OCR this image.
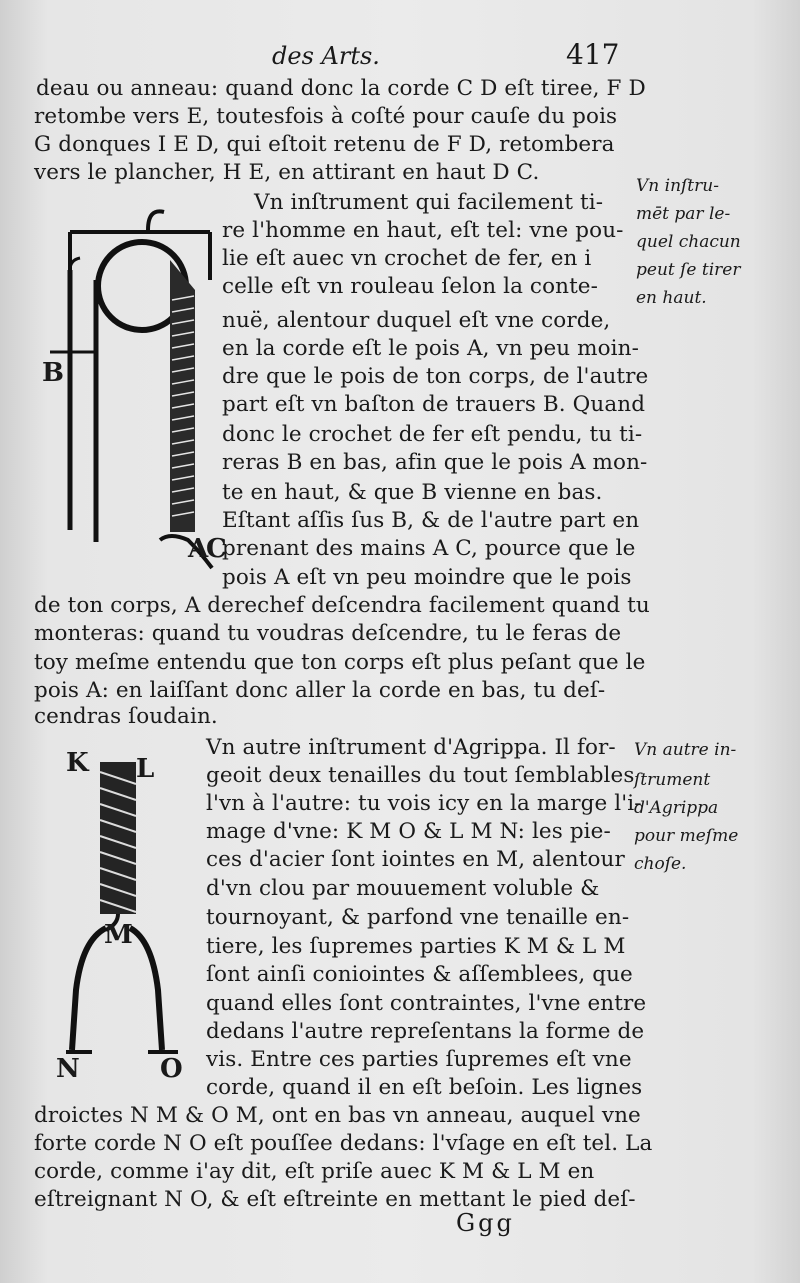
des Arts.	417
deau ou anneau: quand donc la corde C D eſt tiree, F D
retombe vers E, toutesfois à coſté pour cauſe du pois
G donques I E D, qui eſtoit retenu de F D, retombera
vers le plancher, H E, en attirant en haut D C.
Vn inſtrument qui facilement ti-
re l'homme en haut, eſt tel: vne pou-
lie eſt auec vn crochet de fer, en i
celle eſt vn rouleau ſelon la conte-
nuë, alentour duquel eſt vne corde,
en la corde eſt le pois A, vn peu moin-
dre que le pois de ton corps, de l'autre
part eſt vn baſton de trauers B. Quand
donc le crochet de fer eſt pendu, tu ti-
reras B en bas, afin que le pois A mon-
te en haut, & que B vienne en bas.
Eſtant aſſis ſus B, & de l'autre part en
prenant des mains A C, pource que le
pois A eſt vn peu moindre que le pois
de ton corps, A derechef deſcendra facilement quand tu
monteras: quand tu voudras deſcendre, tu le feras de
toy meſme entendu que ton corps eſt plus peſant que le
pois A: en laiſſant donc aller la corde en bas, tu deſ-
cendras ſoudain.
Vn autre inſtrument d'Agrippa. Il for-
geoit deux tenailles du tout ſemblables
l'vn à l'autre: tu vois icy en la marge l'i-
mage d'vne: K M O & L M N: les pie-
ces d'acier ſont iointes en M, alentour
d'vn clou par mouuement voluble &
tournoyant, & parfond vne tenaille en-
tiere, les ſupremes parties K M & L M
ſont ainſi coniointes & aſſemblees, que
quand elles ſont contraintes, l'vne entre
dedans l'autre repreſentans la forme de
vis. Entre ces parties ſupremes eſt vne
corde, quand il en eſt beſoin. Les lignes
droictes N M & O M, ont en bas vn anneau, auquel vne
forte corde N O eſt pouſſee dedans: l'vſage en eſt tel. La
corde, comme i'ay dit, eſt priſe auec K M & L M en
eſtreignant N O, & eſt eſtreinte en mettant le pied deſ-
Vn inſtru-
mēt par le-
quel chacun
peut ſe tirer
en haut.
Vn autre in-
ſtrument
d'Agrippa
pour meſme
choſe.
B
A
C
K L
M
N	O
Ggg
